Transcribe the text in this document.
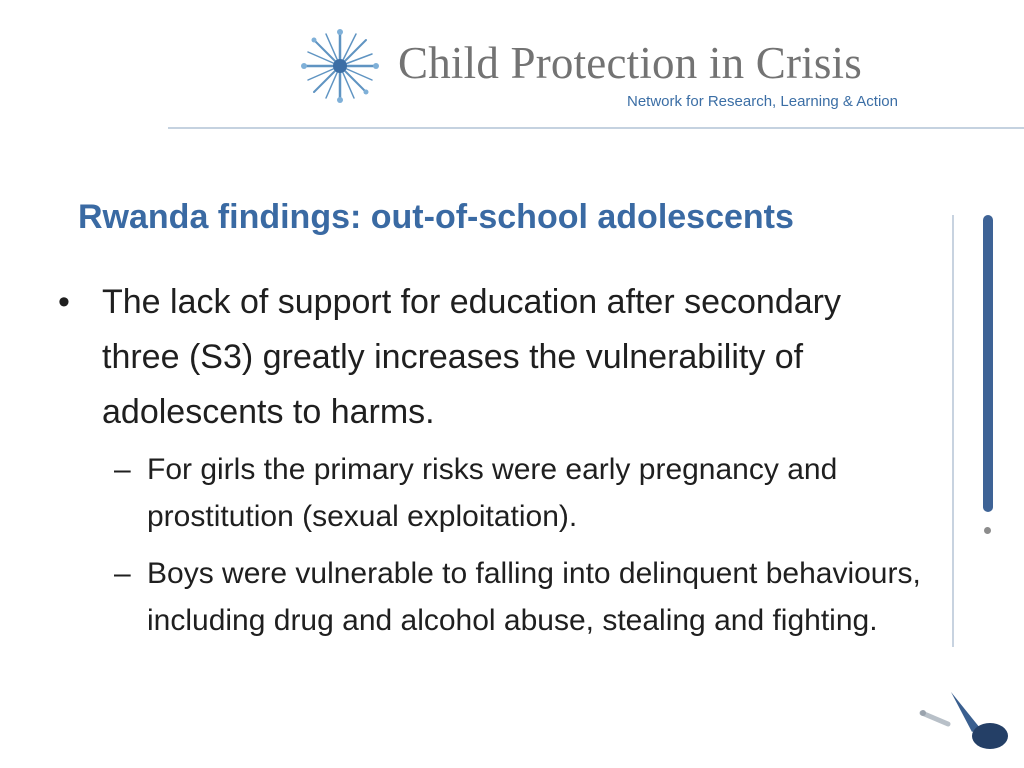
Child Protection in Crisis
Network for Research, Learning & Action
Rwanda findings: out-of-school adolescents
• The lack of support for education after secondary three (S3) greatly increases the vulnerability of adolescents to harms.
– For girls the primary risks were early pregnancy and prostitution (sexual exploitation).
– Boys were vulnerable to falling into delinquent behaviours, including drug and alcohol abuse, stealing and fighting.
